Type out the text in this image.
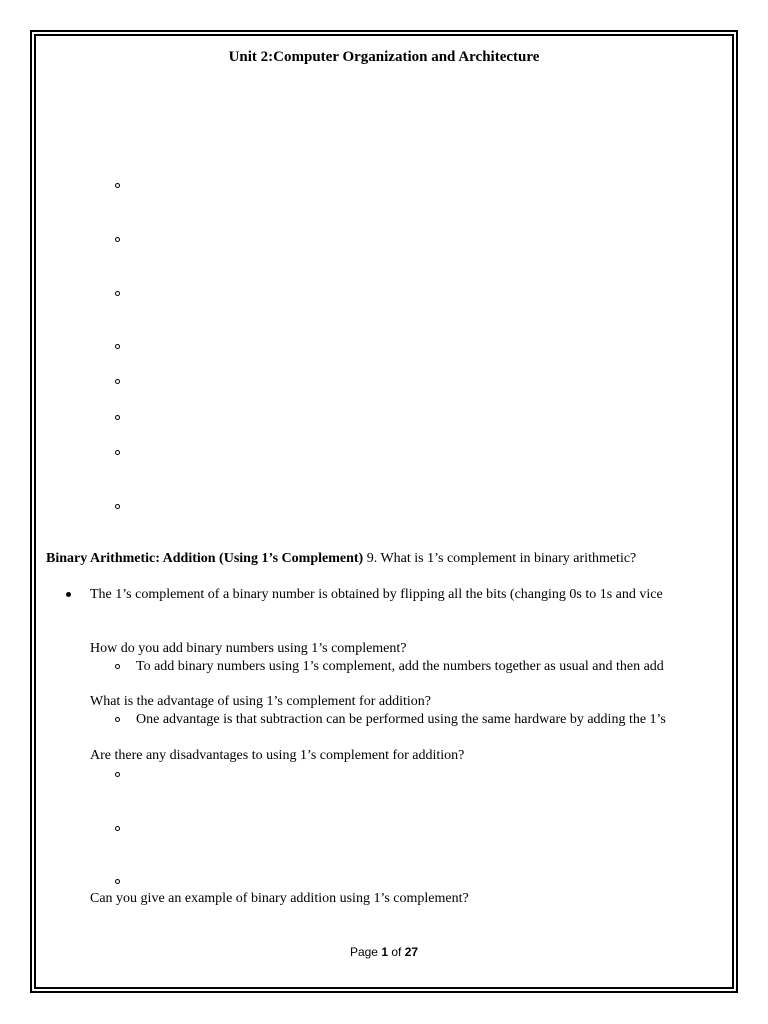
Unit 2:Computer Organization and Architecture
Binary Arithmetic: Addition (Using 1’s Complement) 9. What is 1’s complement in binary arithmetic?
The 1’s complement of a binary number is obtained by flipping all the bits (changing 0s to 1s and vice
How do you add binary numbers using 1’s complement?
To add binary numbers using 1’s complement, add the numbers together as usual and then add
What is the advantage of using 1’s complement for addition?
One advantage is that subtraction can be performed using the same hardware by adding the 1’s
Are there any disadvantages to using 1’s complement for addition?
Can you give an example of binary addition using 1’s complement?
Page 1 of 27
